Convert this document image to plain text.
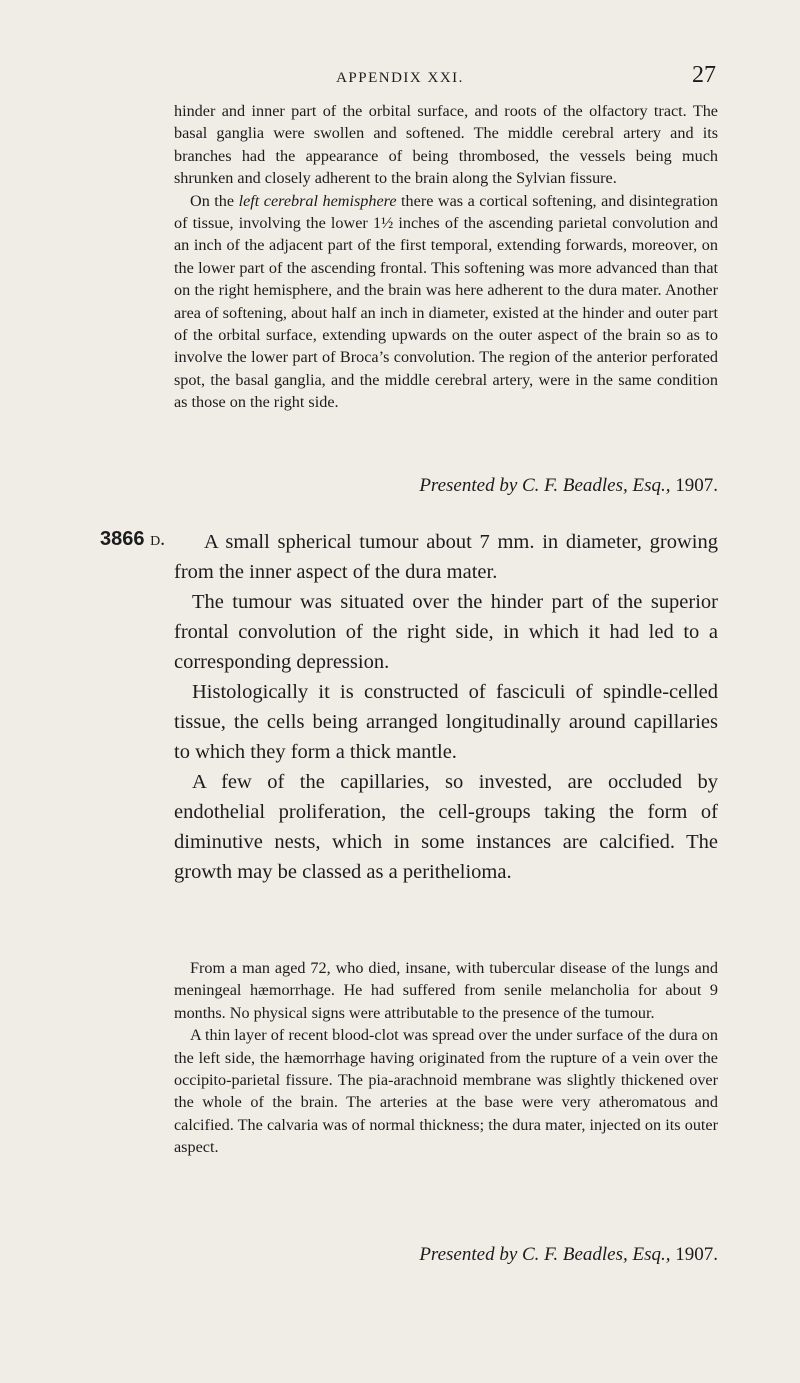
APPENDIX XXI.	27

hinder and inner part of the orbital surface, and roots of the olfactory tract. The basal ganglia were swollen and softened. The middle cerebral artery and its branches had the appearance of being thrombosed, the vessels being much shrunken and closely adherent to the brain along the Sylvian fissure.

On the left cerebral hemisphere there was a cortical softening, and disintegration of tissue, involving the lower 1½ inches of the ascending parietal convolution and an inch of the adjacent part of the first temporal, extending forwards, moreover, on the lower part of the ascending frontal. This softening was more advanced than that on the right hemisphere, and the brain was here adherent to the dura mater. Another area of softening, about half an inch in diameter, existed at the hinder and outer part of the orbital surface, extending upwards on the outer aspect of the brain so as to involve the lower part of Broca’s convolution. The region of the anterior perforated spot, the basal ganglia, and the middle cerebral artery, were in the same condition as those on the right side.

Presented by C. F. Beadles, Esq., 1907.

3866 d.	A small spherical tumour about 7 mm. in diameter, growing from the inner aspect of the dura mater.

The tumour was situated over the hinder part of the superior frontal convolution of the right side, in which it had led to a corresponding depression.

Histologically it is constructed of fasciculi of spindle-celled tissue, the cells being arranged longitudinally around capillaries to which they form a thick mantle.

A few of the capillaries, so invested, are occluded by endothelial proliferation, the cell-groups taking the form of diminutive nests, which in some instances are calcified. The growth may be classed as a perithelioma.

From a man aged 72, who died, insane, with tubercular disease of the lungs and meningeal hæmorrhage. He had suffered from senile melancholia for about 9 months. No physical signs were attributable to the presence of the tumour.

A thin layer of recent blood-clot was spread over the under surface of the dura on the left side, the hæmorrhage having originated from the rupture of a vein over the occipito-parietal fissure. The pia-arachnoid membrane was slightly thickened over the whole of the brain. The arteries at the base were very atheromatous and calcified. The calvaria was of normal thickness; the dura mater, injected on its outer aspect.

Presented by C. F. Beadles, Esq., 1907.
